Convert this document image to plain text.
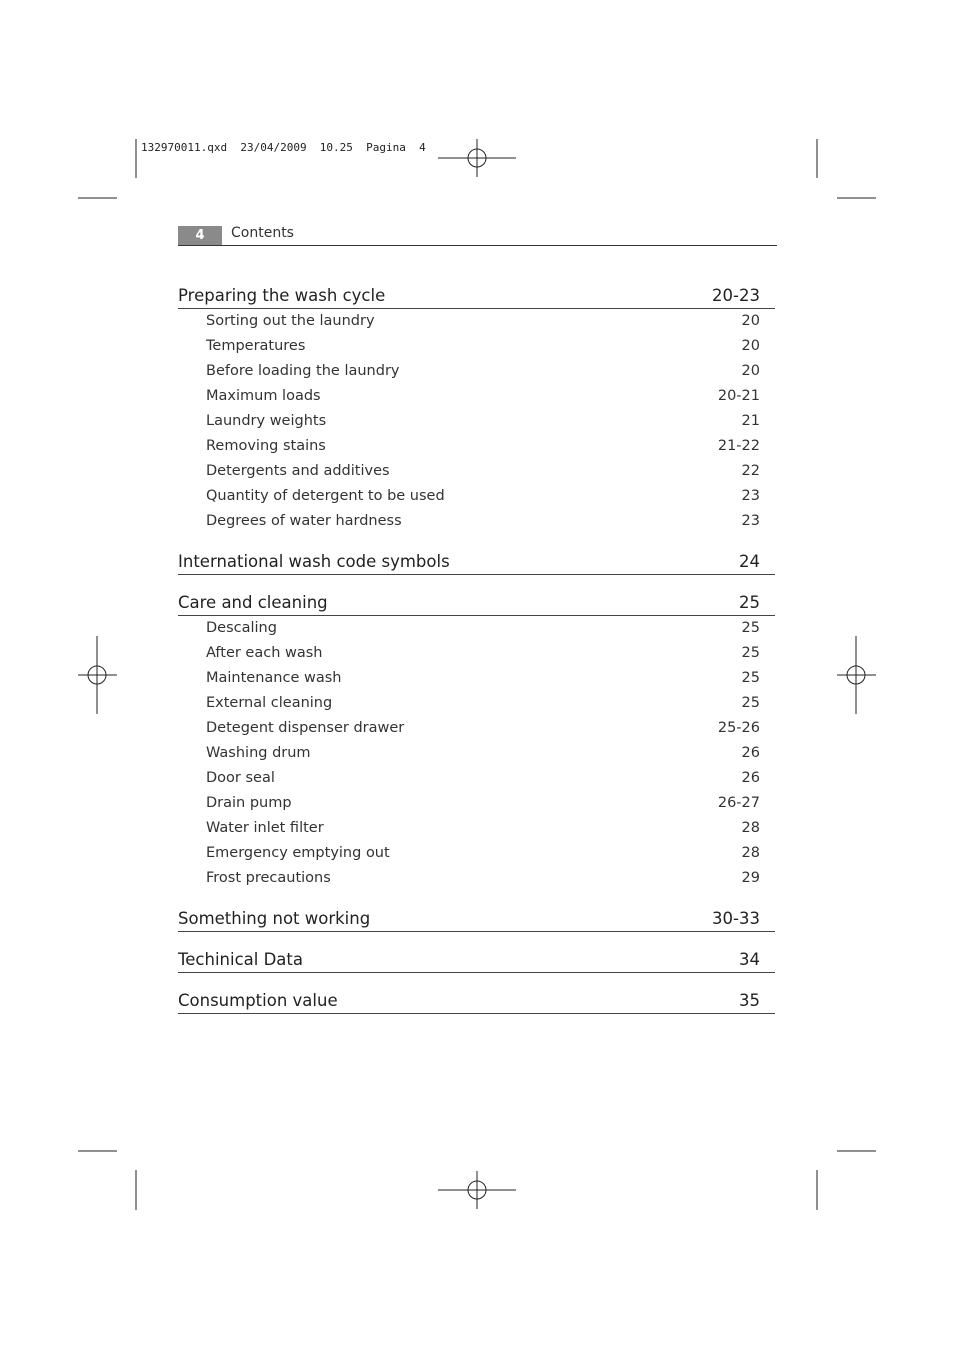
132970011.qxd  23/04/2009  10.25  Pagina  4
4	Contents
Preparing the wash cycle	20-23
Sorting out the laundry	20
Temperatures	20
Before loading the laundry	20
Maximum loads	20-21
Laundry weights	21
Removing stains	21-22
Detergents and additives	22
Quantity of detergent to be used	23
Degrees of water hardness	23
International wash code symbols	24
Care and cleaning	25
Descaling	25
After each wash	25
Maintenance wash	25
External cleaning	25
Detegent dispenser drawer	25-26
Washing drum	26
Door seal	26
Drain pump	26-27
Water inlet filter	28
Emergency emptying out	28
Frost precautions	29
Something not working	30-33
Techinical Data	34
Consumption value	35
